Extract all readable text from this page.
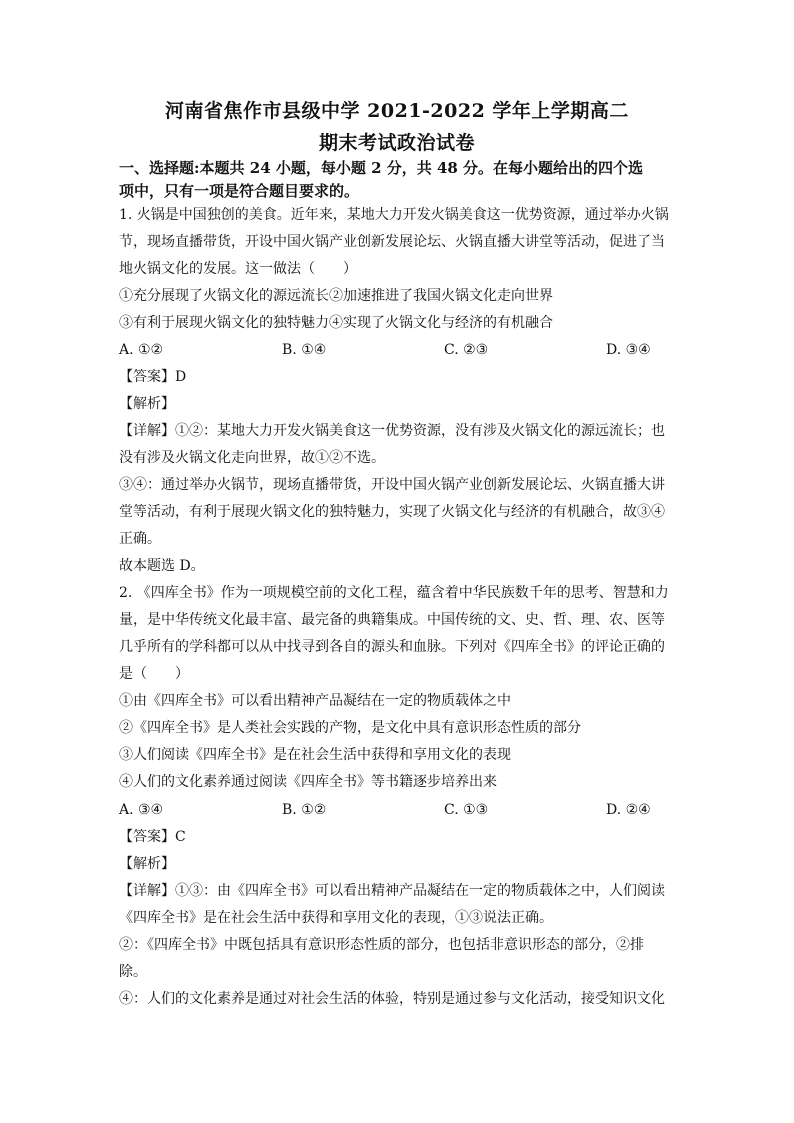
河南省焦作市县级中学 2021-2022 学年上学期高二
期末考试政治试卷
一、选择题:本题共 24 小题，每小题 2 分，共 48 分。在每小题给出的四个选
项中，只有一项是符合题目要求的。
1. 火锅是中国独创的美食。近年来，某地大力开发火锅美食这一优势资源，通过举办火锅
节，现场直播带货，开设中国火锅产业创新发展论坛、火锅直播大讲堂等活动，促进了当
地火锅文化的发展。这一做法（　　）
①充分展现了火锅文化的源远流长②加速推进了我国火锅文化走向世界
③有利于展现火锅文化的独特魅力④实现了火锅文化与经济的有机融合
A. ①②	B. ①④	C. ②③	D. ③④
【答案】D
【解析】
【详解】①②：某地大力开发火锅美食这一优势资源，没有涉及火锅文化的源远流长；也
没有涉及火锅文化走向世界，故①②不选。
③④：通过举办火锅节，现场直播带货，开设中国火锅产业创新发展论坛、火锅直播大讲
堂等活动，有利于展现火锅文化的独特魅力，实现了火锅文化与经济的有机融合，故③④
正确。
故本题选 D。
2. 《四库全书》作为一项规模空前的文化工程，蕴含着中华民族数千年的思考、智慧和力
量，是中华传统文化最丰富、最完备的典籍集成。中国传统的文、史、哲、理、农、医等
几乎所有的学科都可以从中找寻到各自的源头和血脉。下列对《四库全书》的评论正确的
是（　　）
①由《四库全书》可以看出精神产品凝结在一定的物质载体之中
②《四库全书》是人类社会实践的产物，是文化中具有意识形态性质的部分
③人们阅读《四库全书》是在社会生活中获得和享用文化的表现
④人们的文化素养通过阅读《四库全书》等书籍逐步培养出来
A. ③④	B. ①②	C. ①③	D. ②④
【答案】C
【解析】
【详解】①③：由《四库全书》可以看出精神产品凝结在一定的物质载体之中，人们阅读
《四库全书》是在社会生活中获得和享用文化的表现，①③说法正确。
②：《四库全书》中既包括具有意识形态性质的部分，也包括非意识形态的部分，②排
除。
④：人们的文化素养是通过对社会生活的体验，特别是通过参与文化活动，接受知识文化
